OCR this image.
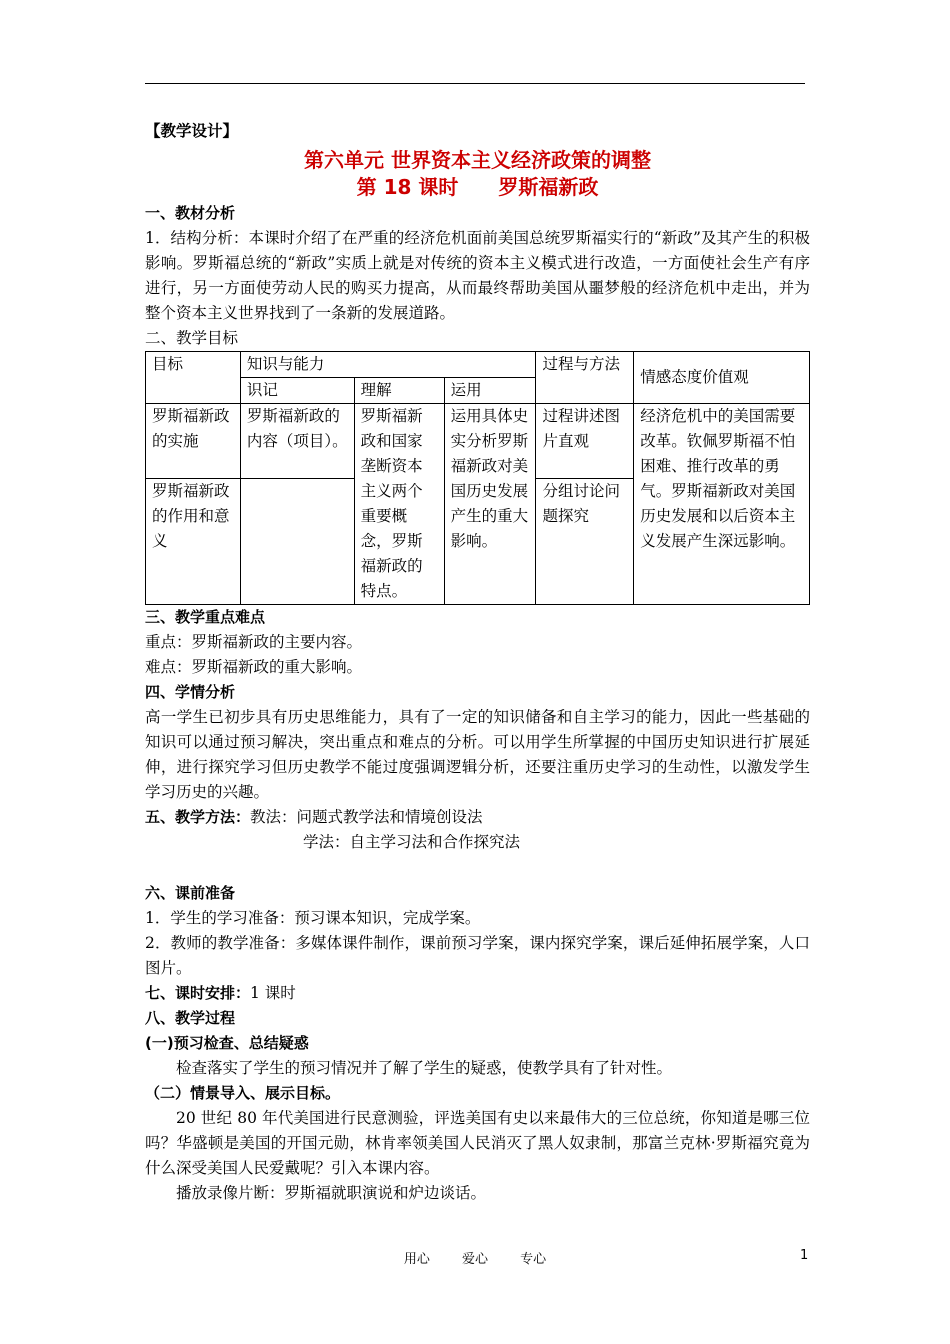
【教学设计】
第六单元 世界资本主义经济政策的调整
第 18 课时　　罗斯福新政
一、教材分析
1．结构分析：本课时介绍了在严重的经济危机面前美国总统罗斯福实行的“新政”及其产生的积极影响。罗斯福总统的“新政”实质上就是对传统的资本主义模式进行改造，一方面使社会生产有序进行，另一方面使劳动人民的购买力提高，从而最终帮助美国从噩梦般的经济危机中走出，并为整个资本主义世界找到了一条新的发展道路。
二、教学目标
目标	知识与能力			过程与方法	情感态度价值观
	识记	理解	运用		
罗斯福新政的实施	罗斯福新政的内容（项目）。	罗斯福新政和国家垄断资本主义两个重要概念，罗斯福新政的特点。	运用具体史实分析罗斯福新政对美国历史发展产生的重大影响。	过程讲述图片直观	经济危机中的美国需要改革。钦佩罗斯福不怕困难、推行改革的勇气。罗斯福新政对美国历史发展和以后资本主义发展产生深远影响。
罗斯福新政的作用和意义				分组讨论问题探究	
三、教学重点难点
重点：罗斯福新政的主要内容。
难点：罗斯福新政的重大影响。
四、学情分析
高一学生已初步具有历史思维能力，具有了一定的知识储备和自主学习的能力，因此一些基础的知识可以通过预习解决，突出重点和难点的分析。可以用学生所掌握的中国历史知识进行扩展延伸，进行探究学习但历史教学不能过度强调逻辑分析，还要注重历史学习的生动性，以激发学生学习历史的兴趣。
五、教学方法：教法：问题式教学法和情境创设法
学法：自主学习法和合作探究法
六、课前准备
1．学生的学习准备：预习课本知识，完成学案。
2．教师的教学准备：多媒体课件制作，课前预习学案，课内探究学案，课后延伸拓展学案，人口图片。
七、课时安排：1 课时
八、教学过程
(一)预习检查、总结疑惑
检查落实了学生的预习情况并了解了学生的疑惑，使教学具有了针对性。
（二）情景导入、展示目标。
20 世纪 80 年代美国进行民意测验，评选美国有史以来最伟大的三位总统，你知道是哪三位吗？华盛顿是美国的开国元勋，林肯率领美国人民消灭了黑人奴隶制，那富兰克林·罗斯福究竟为什么深受美国人民爱戴呢？引入本课内容。
播放录像片断：罗斯福就职演说和炉边谈话。
用心 爱心 专心	1
